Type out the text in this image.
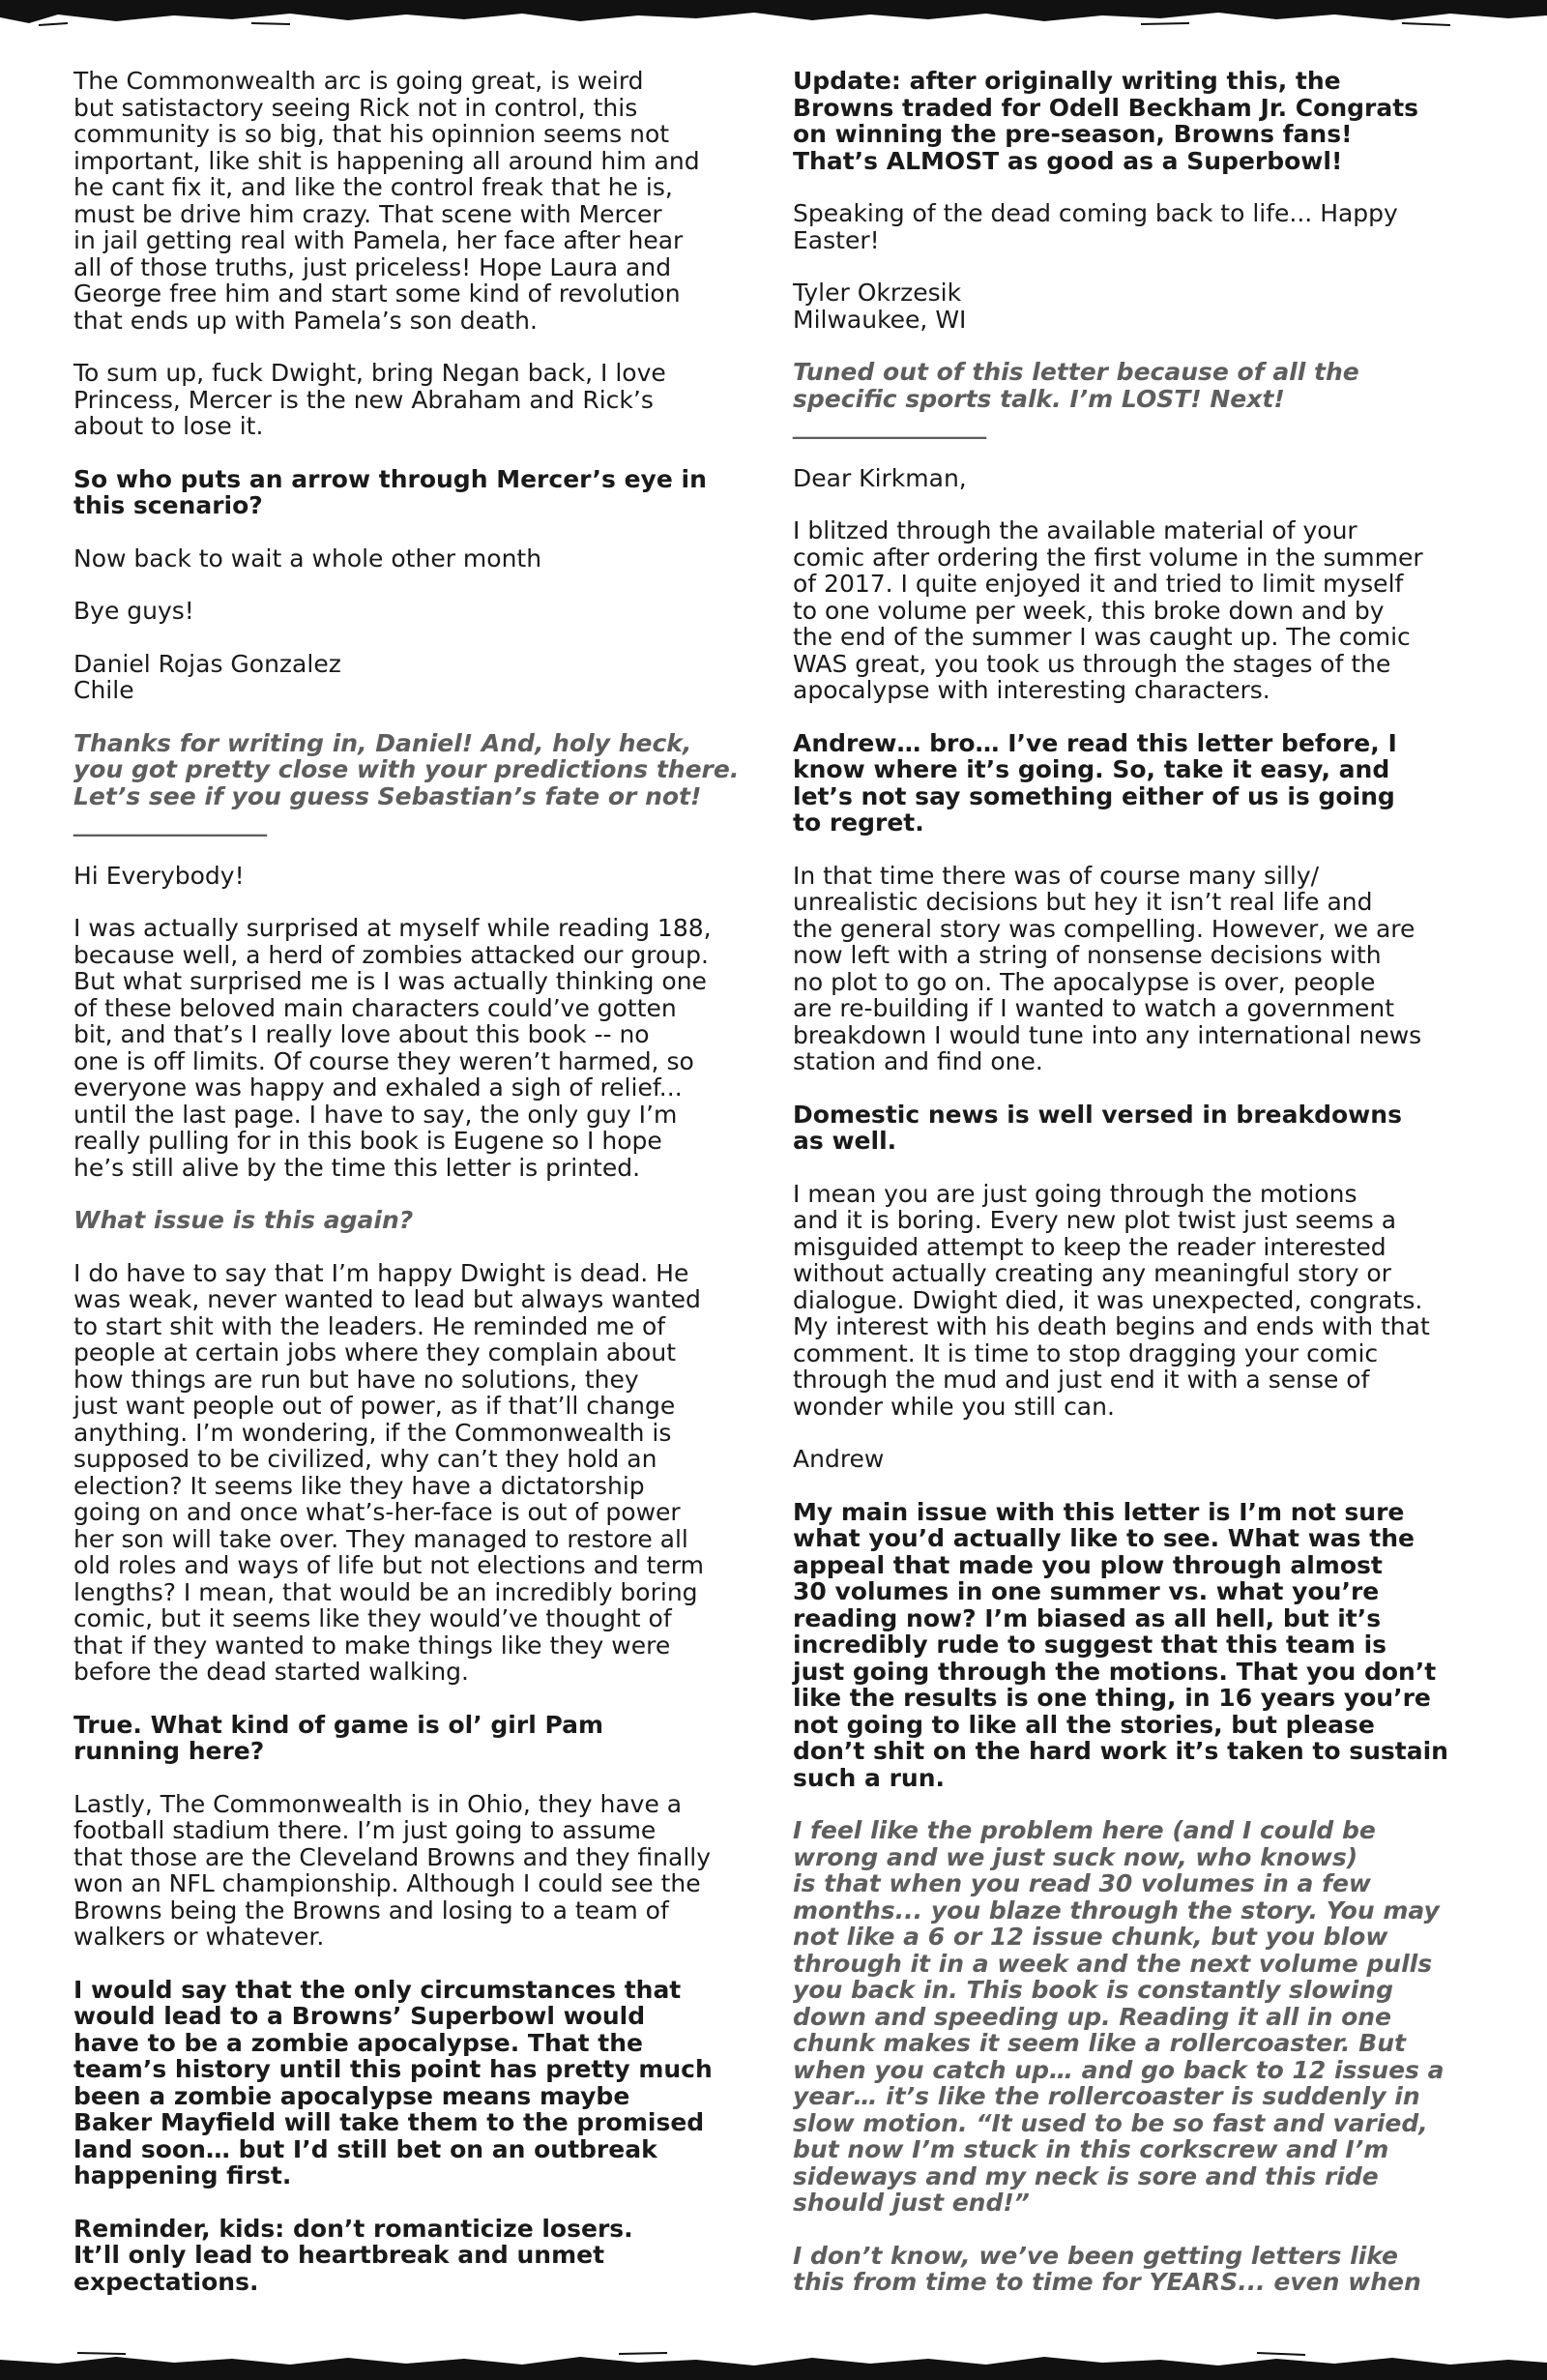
The Commonwealth arc is going great, is weird
but satistactory seeing Rick not in control, this
community is so big, that his opinnion seems not
important, like shit is happening all around him and
he cant fix it, and like the control freak that he is,
must be drive him crazy. That scene with Mercer
in jail getting real with Pamela, her face after hear
all of those truths, just priceless! Hope Laura and
George free him and start some kind of revolution
that ends up with Pamela’s son death.

To sum up, fuck Dwight, bring Negan back, I love
Princess, Mercer is the new Abraham and Rick’s
about to lose it.

So who puts an arrow through Mercer’s eye in
this scenario?

Now back to wait a whole other month

Bye guys!

Daniel Rojas Gonzalez
Chile

Thanks for writing in, Daniel! And, holy heck,
you got pretty close with your predictions there.
Let’s see if you guess Sebastian’s fate or not!
________________

Hi Everybody!

I was actually surprised at myself while reading 188,
because well, a herd of zombies attacked our group.
But what surprised me is I was actually thinking one
of these beloved main characters could’ve gotten
bit, and that’s I really love about this book -- no
one is off limits. Of course they weren’t harmed, so
everyone was happy and exhaled a sigh of relief...
until the last page. I have to say, the only guy I’m
really pulling for in this book is Eugene so I hope
he’s still alive by the time this letter is printed.

What issue is this again?

I do have to say that I’m happy Dwight is dead. He
was weak, never wanted to lead but always wanted
to start shit with the leaders. He reminded me of
people at certain jobs where they complain about
how things are run but have no solutions, they
just want people out of power, as if that’ll change
anything. I’m wondering, if the Commonwealth is
supposed to be civilized, why can’t they hold an
election? It seems like they have a dictatorship
going on and once what’s-her-face is out of power
her son will take over. They managed to restore all
old roles and ways of life but not elections and term
lengths? I mean, that would be an incredibly boring
comic, but it seems like they would’ve thought of
that if they wanted to make things like they were
before the dead started walking.

True. What kind of game is ol’ girl Pam
running here?

Lastly, The Commonwealth is in Ohio, they have a
football stadium there. I’m just going to assume
that those are the Cleveland Browns and they finally
won an NFL championship. Although I could see the
Browns being the Browns and losing to a team of
walkers or whatever.

I would say that the only circumstances that
would lead to a Browns’ Superbowl would
have to be a zombie apocalypse. That the
team’s history until this point has pretty much
been a zombie apocalypse means maybe
Baker Mayfield will take them to the promised
land soon… but I’d still bet on an outbreak
happening first.

Reminder, kids: don’t romanticize losers.
It’ll only lead to heartbreak and unmet
expectations.

Update: after originally writing this, the
Browns traded for Odell Beckham Jr. Congrats
on winning the pre-season, Browns fans!
That’s ALMOST as good as a Superbowl!

Speaking of the dead coming back to life... Happy
Easter!

Tyler Okrzesik
Milwaukee, WI

Tuned out of this letter because of all the
specific sports talk. I’m LOST! Next!
________________

Dear Kirkman,

I blitzed through the available material of your
comic after ordering the first volume in the summer
of 2017. I quite enjoyed it and tried to limit myself
to one volume per week, this broke down and by
the end of the summer I was caught up. The comic
WAS great, you took us through the stages of the
apocalypse with interesting characters.

Andrew… bro… I’ve read this letter before, I
know where it’s going. So, take it easy, and
let’s not say something either of us is going
to regret.

In that time there was of course many silly/
unrealistic decisions but hey it isn’t real life and
the general story was compelling. However, we are
now left with a string of nonsense decisions with
no plot to go on. The apocalypse is over, people
are re-building if I wanted to watch a government
breakdown I would tune into any international news
station and find one.

Domestic news is well versed in breakdowns
as well.

I mean you are just going through the motions
and it is boring. Every new plot twist just seems a
misguided attempt to keep the reader interested
without actually creating any meaningful story or
dialogue. Dwight died, it was unexpected, congrats.
My interest with his death begins and ends with that
comment. It is time to stop dragging your comic
through the mud and just end it with a sense of
wonder while you still can.

Andrew

My main issue with this letter is I’m not sure
what you’d actually like to see. What was the
appeal that made you plow through almost
30 volumes in one summer vs. what you’re
reading now? I’m biased as all hell, but it’s
incredibly rude to suggest that this team is
just going through the motions. That you don’t
like the results is one thing, in 16 years you’re
not going to like all the stories, but please
don’t shit on the hard work it’s taken to sustain
such a run.

I feel like the problem here (and I could be
wrong and we just suck now, who knows)
is that when you read 30 volumes in a few
months... you blaze through the story. You may
not like a 6 or 12 issue chunk, but you blow
through it in a week and the next volume pulls
you back in. This book is constantly slowing
down and speeding up. Reading it all in one
chunk makes it seem like a rollercoaster. But
when you catch up… and go back to 12 issues a
year… it’s like the rollercoaster is suddenly in
slow motion. “It used to be so fast and varied,
but now I’m stuck in this corkscrew and I’m
sideways and my neck is sore and this ride
should just end!”

I don’t know, we’ve been getting letters like
this from time to time for YEARS... even when
